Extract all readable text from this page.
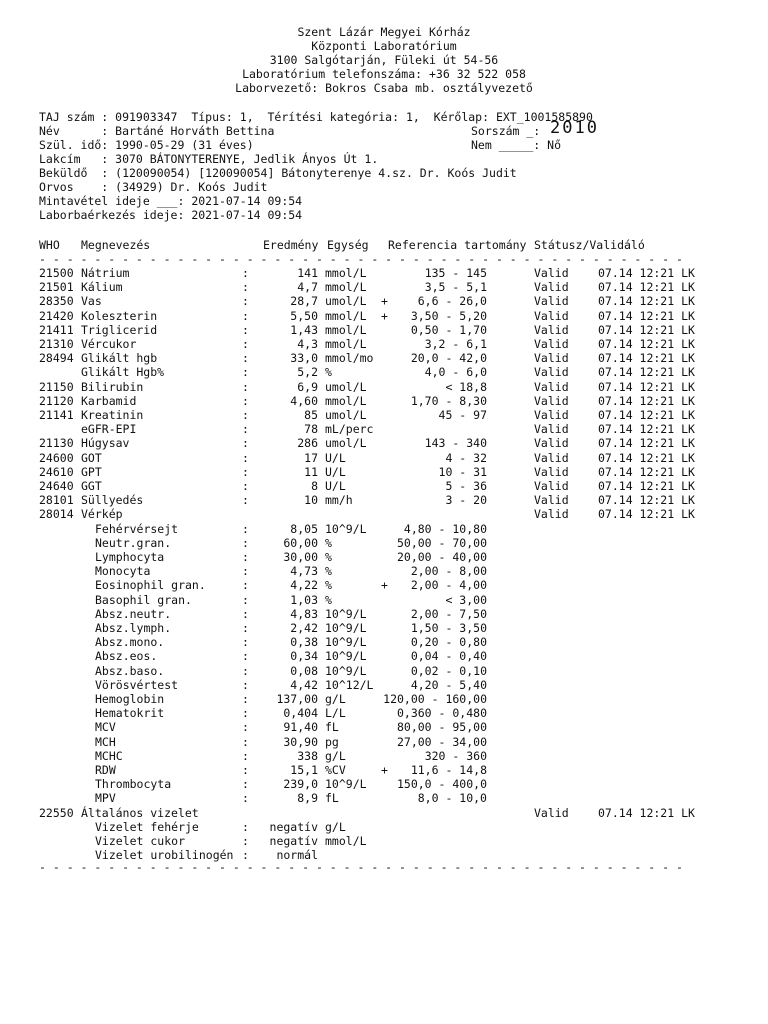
Szent Lázár Megyei Kórház
Központi Laboratórium
3100 Salgótarján, Füleki út 54-56
Laboratórium telefonszáma: +36 32 522 058
Laborvezető: Bokros Csaba mb. osztályvezető
TAJ szám : 091903347  Típus: 1,  Térítési kategória: 1,  Kérőlap: EXT_1001585890
Név      : Bartáné Horváth Bettina	Sorszám _: 2010
Szül. idő: 1990-05-29 (31 éves)	Nem _____: Nő
Lakcím   : 3070 BÁTONYTERENYE, Jedlik Ányos Út 1.
Beküldő  : (120090054) [120090054] Bátonyterenye 4.sz. Dr. Koós Judit
Orvos    : (34929) Dr. Koós Judit
Mintavétel ideje ___: 2021-07-14 09:54
Laborbaérkezés ideje: 2021-07-14 09:54
WHO Megnevezés	Eredmény Egység Referencia tartomány Státusz/Validáló
- - - - - - - - - - - - - - - - - - - - - - - - - - - - - - - - - - - - - - - - - - - - - - -
21500 Nátrium	:	141 mmol/L	135 - 145	Valid	07.14 12:21 LK
21501 Kálium	:	4,7 mmol/L	3,5 - 5,1	Valid	07.14 12:21 LK
28350 Vas	:	28,7 umol/L +	6,6 - 26,0	Valid	07.14 12:21 LK
21420 Koleszterin	:	5,50 mmol/L + 3,50 - 5,20	Valid	07.14 12:21 LK
21411 Triglicerid	:	1,43 mmol/L	0,50 - 1,70	Valid	07.14 12:21 LK
21310 Vércukor	:	4,3 mmol/L	3,2 - 6,1	Valid	07.14 12:21 LK
28494 Glikált hgb	:	33,0 mmol/mo	20,0 - 42,0	Valid	07.14 12:21 LK
Glikált Hgb%	:	5,2 %	4,0 - 6,0	Valid	07.14 12:21 LK
21150 Bilirubin	:	6,9 umol/L	< 18,8	Valid	07.14 12:21 LK
21120 Karbamid	:	4,60 mmol/L	1,70 - 8,30	Valid	07.14 12:21 LK
21141 Kreatinin	:	85 umol/L	45 - 97	Valid	07.14 12:21 LK
eGFR-EPI	:	78 mL/perc	Valid	07.14 12:21 LK
21130 Húgysav	:	286 umol/L	143 - 340	Valid	07.14 12:21 LK
24600 GOT	:	17 U/L	4 - 32	Valid	07.14 12:21 LK
24610 GPT	:	11 U/L	10 - 31	Valid	07.14 12:21 LK
24640 GGT	:	8 U/L	5 - 36	Valid	07.14 12:21 LK
28101 Süllyedés	:	10 mm/h	3 - 20	Valid	07.14 12:21 LK
28014 Vérkép	Valid	07.14 12:21 LK
Fehérvérsejt	:	8,05 10^9/L	4,80 - 10,80
Neutr.gran.	:	60,00 %	50,00 - 70,00
Lymphocyta	:	30,00 %	20,00 - 40,00
Monocyta	:	4,73 %	2,00 - 8,00
Eosinophil gran.	:	4,22 %	+ 2,00 - 4,00
Basophil gran.	:	1,03 %	< 3,00
Absz.neutr.	:	4,83 10^9/L	2,00 - 7,50
Absz.lymph.	:	2,42 10^9/L	1,50 - 3,50
Absz.mono.	:	0,38 10^9/L	0,20 - 0,80
Absz.eos.	:	0,34 10^9/L	0,04 - 0,40
Absz.baso.	:	0,08 10^9/L	0,02 - 0,10
Vörösvértest	:	4,42 10^12/L	4,20 - 5,40
Hemoglobin	: 137,00 g/L	120,00 - 160,00
Hematokrit	:	0,404 L/L	0,360 - 0,480
MCV	:	91,40 fL	80,00 - 95,00
MCH	:	30,90 pg	27,00 - 34,00
MCHC	:	338 g/L	320 - 360
RDW	:	15,1 %CV	+ 11,6 - 14,8
Thrombocyta	:	239,0 10^9/L	150,0 - 400,0
MPV	:	8,9 fL	8,0 - 10,0
22550 Általános vizelet	Valid	07.14 12:21 LK
Vizelet fehérje	: negatív g/L
Vizelet cukor	: negatív mmol/L
Vizelet urobilinogén : normál
- - - - - - - - - - - - - - - - - - - - - - - - - - - - - - - - - - - - - - - - - - - - - - -
